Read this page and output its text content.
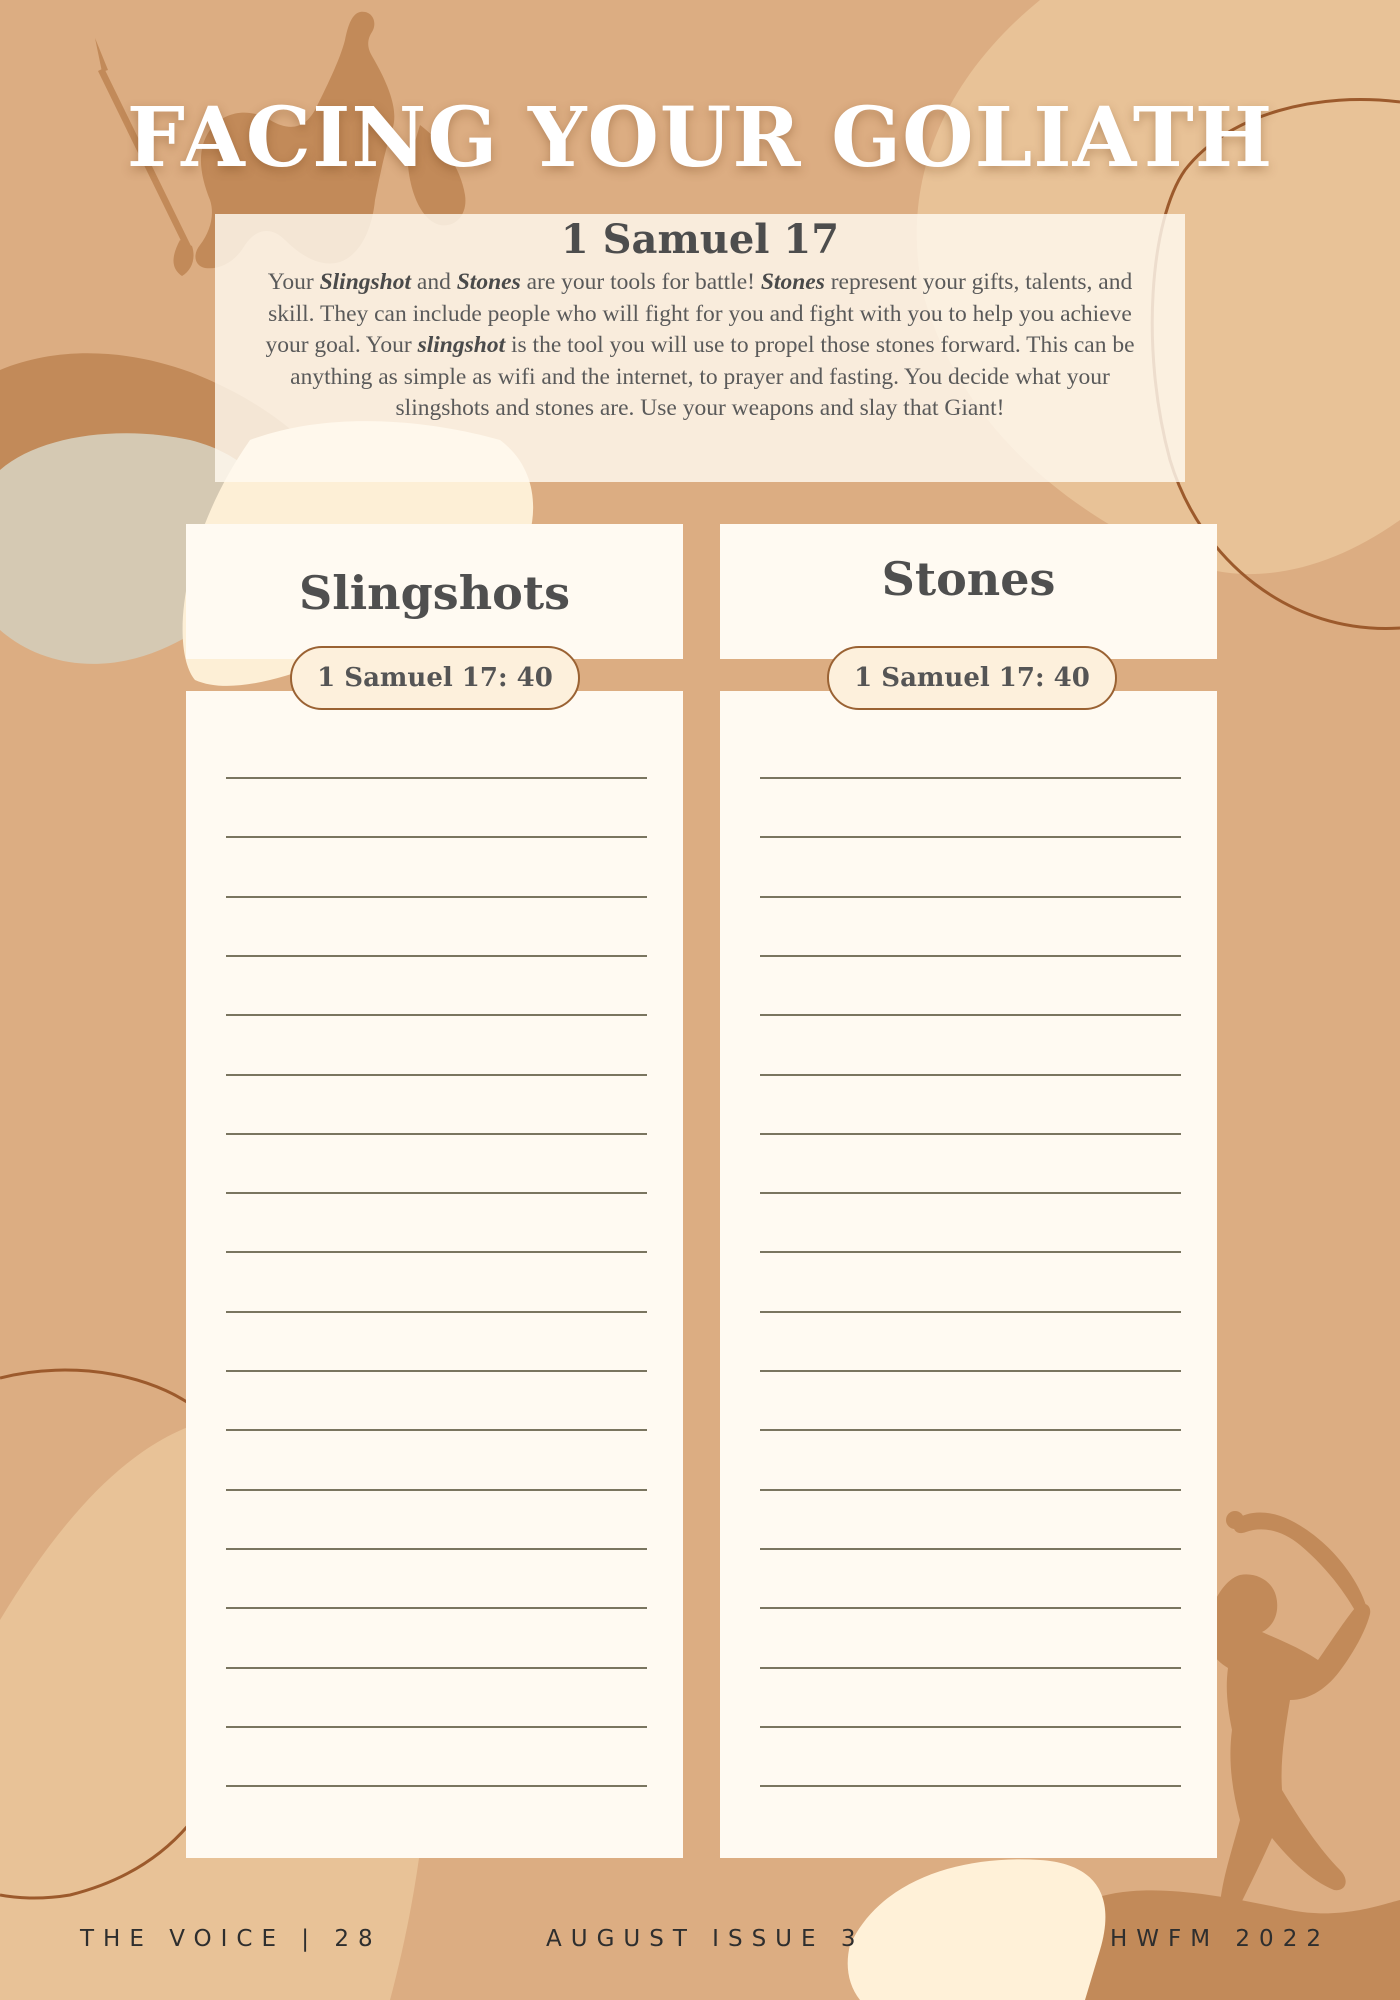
FACING YOUR GOLIATH
1 Samuel 17

Your Slingshot and Stones are your tools for battle! Stones represent your gifts, talents, and skill. They can include people who will fight for you and fight with you to help you achieve your goal. Your slingshot is the tool you will use to propel those stones forward. This can be anything as simple as wifi and the internet, to prayer and fasting. You decide what your slingshots and stones are. Use your weapons and slay that Giant!

Slingshots
1 Samuel 17: 40
Stones
1 Samuel 17: 40
THE VOICE | 28	AUGUST ISSUE 3	HWFM 2022
